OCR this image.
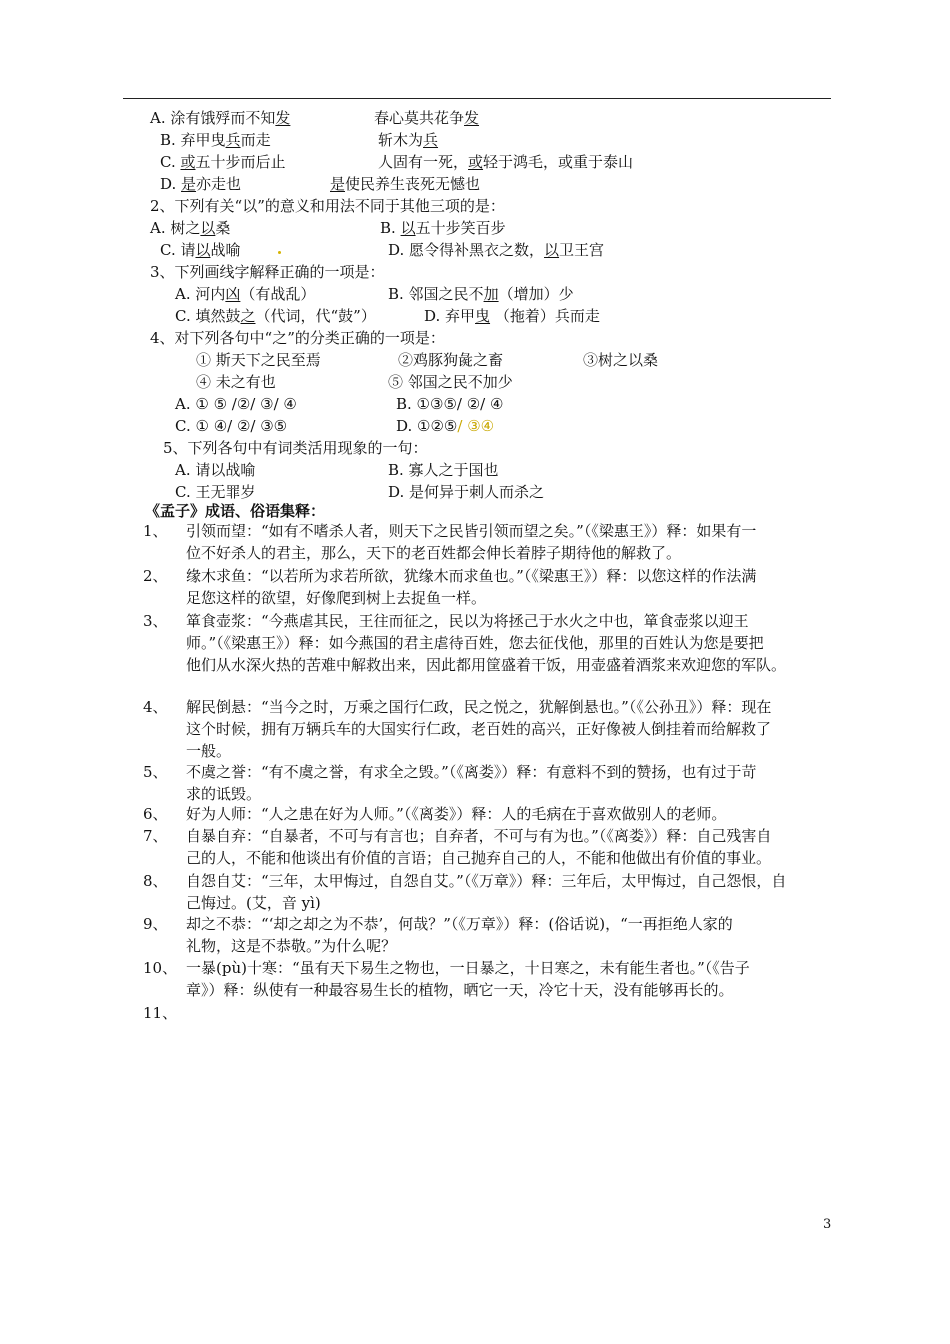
A. 涂有饿殍而不知发	春心莫共花争发
B. 弃甲曳兵而走	斩木为兵
C. 或五十步而后止	人固有一死，或轻于鸿毛，或重于泰山
D. 是亦走也	是使民养生丧死无憾也
2、下列有关“以”的意义和用法不同于其他三项的是：
A. 树之以桑	B. 以五十步笑百步
C. 请以战喻	D. 愿令得补黑衣之数，以卫王宫
3、下列画线字解释正确的一项是：
A. 河内凶（有战乱）	B. 邻国之民不加（增加）少
C. 填然鼓之（代词，代“鼓”）	D. 弃甲曳 （拖着）兵而走
4、对下列各句中“之”的分类正确的一项是：
① 斯天下之民至焉	②鸡豚狗彘之畜	③树之以桑
④ 未之有也	⑤ 邻国之民不加少
A. ① ⑤ /②/ ③/ ④	B. ①③⑤/ ②/ ④
C. ① ④/ ②/ ③⑤	D. ①②⑤/ ③④
5、下列各句中有词类活用现象的一句：
A. 请以战喻	B. 寡人之于国也
C. 王无罪岁	D. 是何异于刺人而杀之
《孟子》成语、俗语集释：
1、 引领而望：“如有不嗜杀人者，则天下之民皆引领而望之矣。”（《梁惠王》）释：如果有一
位不好杀人的君主，那么，天下的老百姓都会伸长着脖子期待他的解救了。
2、 缘木求鱼：“以若所为求若所欲，犹缘木而求鱼也。”（《梁惠王》）释：以您这样的作法满
足您这样的欲望，好像爬到树上去捉鱼一样。
3、 箪食壶浆：“今燕虐其民，王往而征之，民以为将拯己于水火之中也，箪食壶浆以迎王
师。”（《梁惠王》）释：如今燕国的君主虐待百姓，您去征伐他，那里的百姓认为您是要把
他们从水深火热的苦难中解救出来，因此都用筐盛着干饭，用壶盛着酒浆来欢迎您的军队。
4、 解民倒悬：“当今之时，万乘之国行仁政，民之悦之，犹解倒悬也。”（《公孙丑》）释：现在
这个时候，拥有万辆兵车的大国实行仁政，老百姓的高兴，正好像被人倒挂着而给解救了
一般。
5、 不虞之誉：“有不虞之誉，有求全之毁。”（《离娄》）释：有意料不到的赞扬，也有过于苛
求的诋毁。
6、 好为人师：“人之患在好为人师。”（《离娄》）释：人的毛病在于喜欢做别人的老师。
7、 自暴自弃：“自暴者，不可与有言也；自弃者，不可与有为也。”（《离娄》）释：自己残害自
己的人，不能和他谈出有价值的言语；自己抛弃自己的人，不能和他做出有价值的事业。
8、 自怨自艾：“三年，太甲悔过，自怨自艾。”（《万章》）释：三年后，太甲悔过，自己怨恨，自
己悔过。(艾，音 yì)
9、 却之不恭：“‘却之却之为不恭’，何哉？”（《万章》）释：(俗话说)，“一再拒绝人家的
礼物，这是不恭敬。”为什么呢？
10、 一暴(pù)十寒：“虽有天下易生之物也，一日暴之，十日寒之，未有能生者也。”（《告子
章》）释：纵使有一种最容易生长的植物，晒它一天，冷它十天，没有能够再长的。
11、
3
